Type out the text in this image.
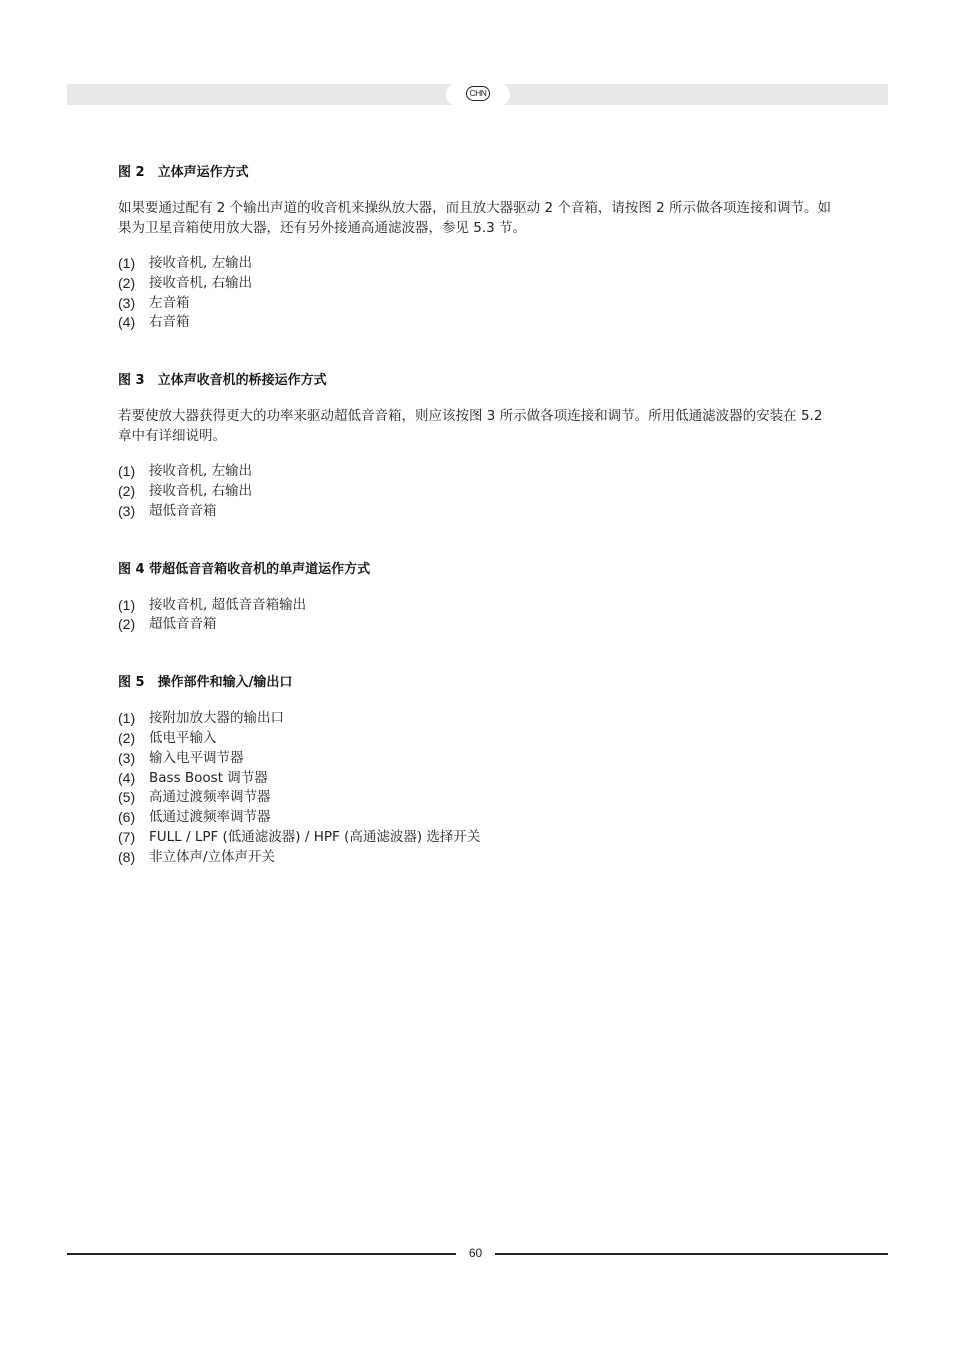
CHN

图 2　立体声运作方式

如果要通过配有 2 个输出声道的收音机来操纵放大器，而且放大器驱动 2 个音箱，请按图 2 所示做各项连接和调节。如果为卫星音箱使用放大器，还有另外接通高通滤波器，参见 5.3 节。

(1)	接收音机, 左输出
(2)	接收音机, 右输出
(3)	左音箱
(4)	右音箱

图 3　立体声收音机的桥接运作方式

若要使放大器获得更大的功率来驱动超低音音箱，则应该按图 3 所示做各项连接和调节。所用低通滤波器的安装在 5.2 章中有详细说明。

(1)	接收音机, 左输出
(2)	接收音机, 右输出
(3)	超低音音箱

图 4 带超低音音箱收音机的单声道运作方式

(1)	接收音机, 超低音音箱输出
(2)	超低音音箱

图 5　操作部件和输入/输出口

(1)	接附加放大器的输出口
(2)	低电平输入
(3)	输入电平调节器
(4)	Bass Boost 调节器
(5)	高通过渡频率调节器
(6)	低通过渡频率调节器
(7)	FULL / LPF (低通滤波器) / HPF (高通滤波器) 选择开关
(8)	非立体声/立体声开关
60
